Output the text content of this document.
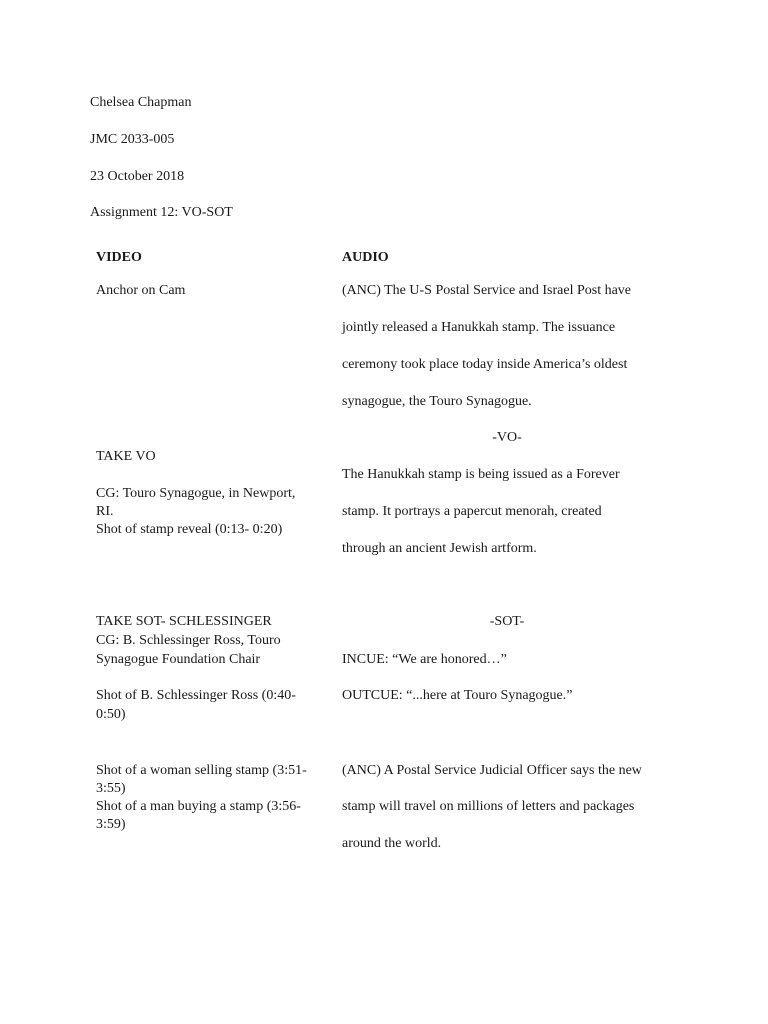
Chelsea Chapman
JMC 2033-005
23 October 2018
Assignment 12: VO-SOT
VIDEO	AUDIO
Anchor on Cam	(ANC) The U-S Postal Service and Israel Post have
jointly released a Hanukkah stamp. The issuance
ceremony took place today inside America’s oldest
synagogue, the Touro Synagogue.
-VO-
TAKE VO
CG: Touro Synagogue, in Newport,
RI.
Shot of stamp reveal (0:13- 0:20)
The Hanukkah stamp is being issued as a Forever
stamp. It portrays a papercut menorah, created
through an ancient Jewish artform.
-SOT-
TAKE SOT- SCHLESSINGER
CG: B. Schlessinger Ross, Touro
Synagogue Foundation Chair
Shot of B. Schlessinger Ross (0:40-
0:50)
INCUE: “We are honored…”
OUTCUE: “...here at Touro Synagogue.”
Shot of a woman selling stamp (3:51-
3:55)
Shot of a man buying a stamp (3:56-
3:59)
(ANC) A Postal Service Judicial Officer says the new
stamp will travel on millions of letters and packages
around the world.
